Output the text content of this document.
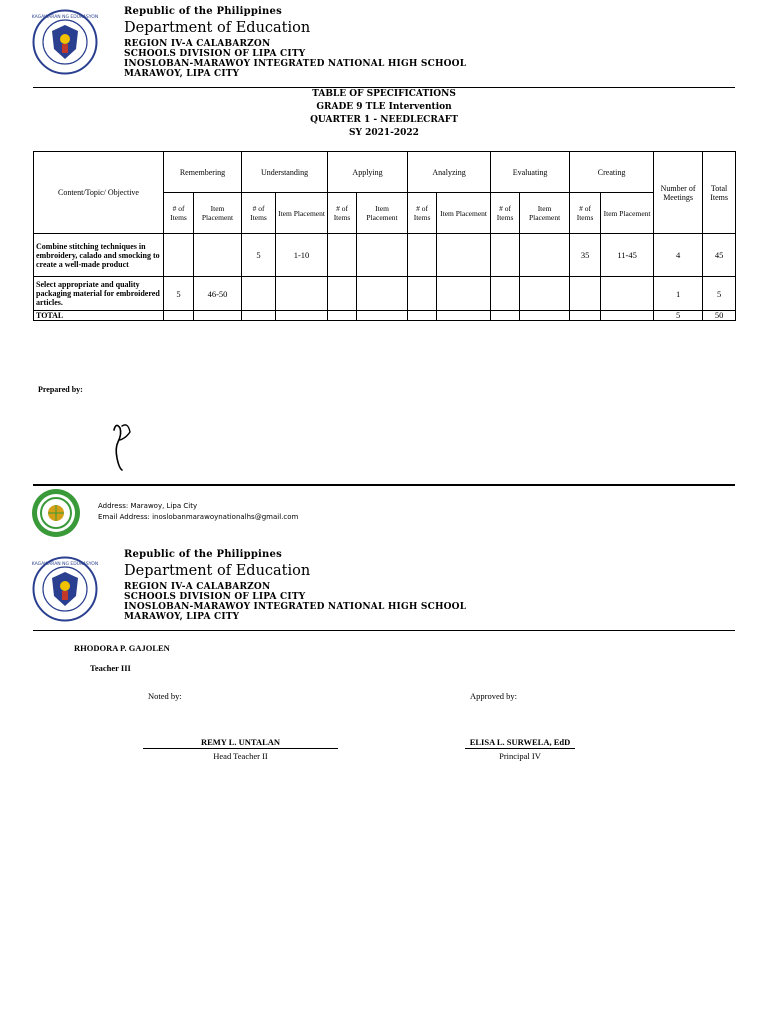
KAGAWARAN NG EDUKASYON
Republic of the Philippines
Department of Education
REGION IV-A CALABARZON
SCHOOLS DIVISION OF LIPA CITY
INOSLOBAN-MARAWOY INTEGRATED NATIONAL HIGH SCHOOL
MARAWOY, LIPA CITY
TABLE OF SPECIFICATIONS
GRADE 9 TLE Intervention
QUARTER 1 - NEEDLECRAFT
SY 2021-2022
Content/Topic/ Objective	Remembering		Understanding		Applying		Analyzing		Evaluating		Creating		Number of Meetings	Total Items
	# of Items	Item Placement	# of Items	Item Placement	# of Items	Item Placement	# of Items	Item Placement	# of Items	Item Placement	# of Items	Item Placement		
Combine stitching techniques in embroidery, calado and smocking to create a well-made product			5	1-10							35	11-45	4	45
Select appropriate and quality packaging material for embroidered articles.	5	46-50											1	5
TOTAL													5	50
Prepared by:
Address: Marawoy, Lipa City
Email Address: inoslobanmarawoynationalhs@gmail.com
KAGAWARAN NG EDUKASYON
Republic of the Philippines
Department of Education
REGION IV-A CALABARZON
SCHOOLS DIVISION OF LIPA CITY
INOSLOBAN-MARAWOY INTEGRATED NATIONAL HIGH SCHOOL
MARAWOY, LIPA CITY
RHODORA P. GAJOLEN
Teacher III
Noted by:	Approved by:
REMY L. UNTALAN
Head Teacher II
ELISA L. SURWELA, EdD
Principal IV
